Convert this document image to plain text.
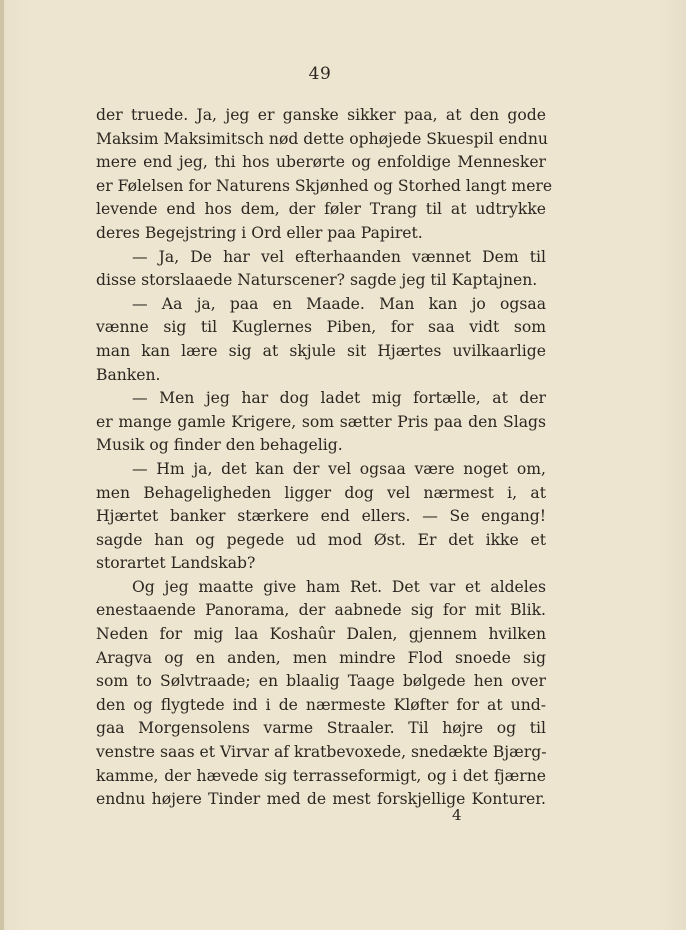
49
der truede. Ja, jeg er ganske sikker paa, at den gode
Maksim Maksimitsch nød dette ophøjede Skuespil endnu
mere end jeg, thi hos uberørte og enfoldige Mennesker
er Følelsen for Naturens Skjønhed og Storhed langt mere
levende end hos dem, der føler Trang til at udtrykke
deres Begejstring i Ord eller paa Papiret.
— Ja, De har vel efterhaanden vænnet Dem til
disse storslaaede Naturscener? sagde jeg til Kaptajnen.
— Aa ja, paa en Maade. Man kan jo ogsaa
vænne sig til Kuglernes Piben, for saa vidt som
man kan lære sig at skjule sit Hjærtes uvilkaarlige
Banken.
— Men jeg har dog ladet mig fortælle, at der
er mange gamle Krigere, som sætter Pris paa den Slags
Musik og finder den behagelig.
— Hm ja, det kan der vel ogsaa være noget om,
men Behageligheden ligger dog vel nærmest i, at
Hjærtet banker stærkere end ellers. — Se engang!
sagde han og pegede ud mod Øst. Er det ikke et
storartet Landskab?
Og jeg maatte give ham Ret. Det var et aldeles
enestaaende Panorama, der aabnede sig for mit Blik.
Neden for mig laa Koshaûr Dalen, gjennem hvilken
Aragva og en anden, men mindre Flod snoede sig
som to Sølvtraade; en blaalig Taage bølgede hen over
den og flygtede ind i de nærmeste Kløfter for at und-
gaa Morgensolens varme Straaler. Til højre og til
venstre saas et Virvar af kratbevoxede, snedækte Bjærg-
kamme, der hævede sig terrasseformigt, og i det fjærne
endnu højere Tinder med de mest forskjellige Konturer.
4
